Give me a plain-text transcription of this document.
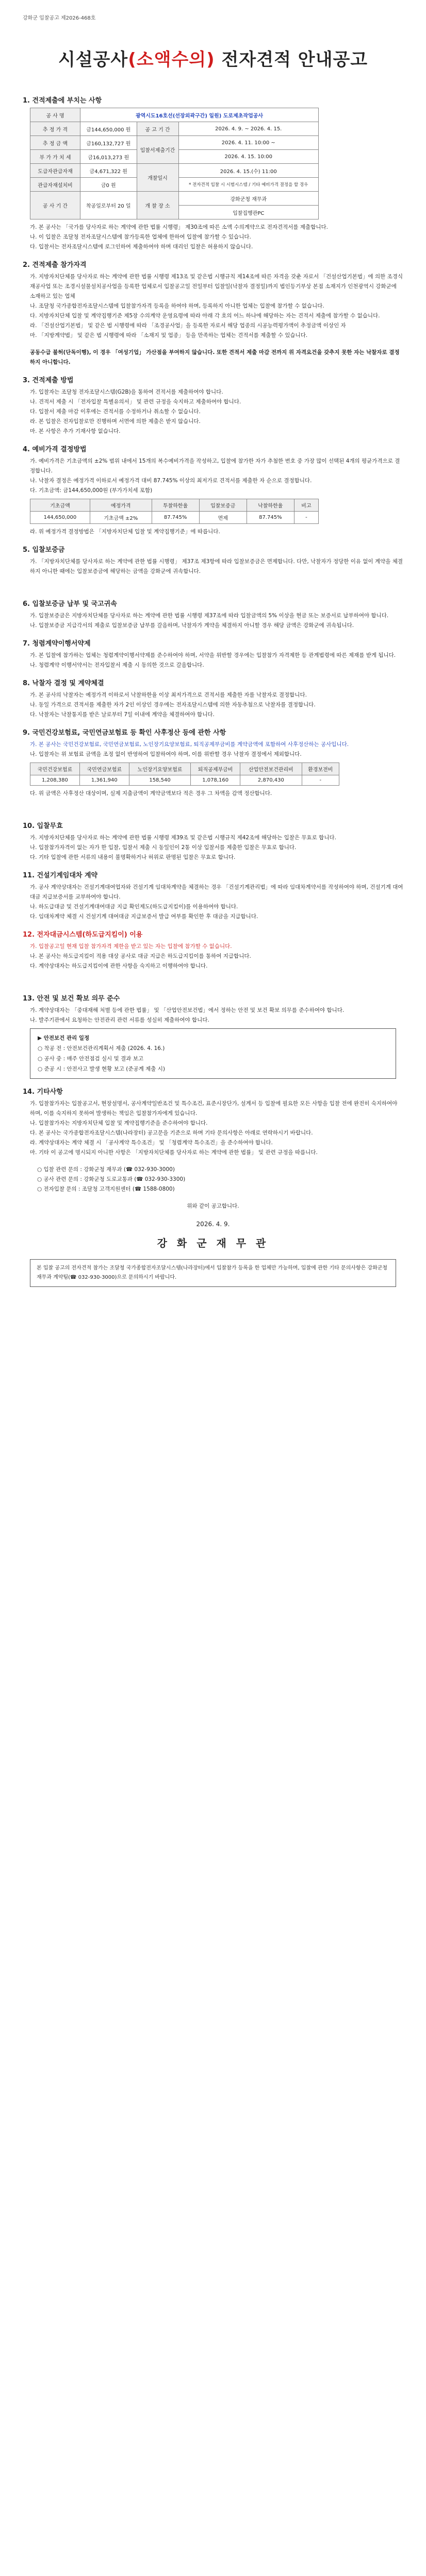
강화군 입찰공고 제2026-468호
시설공사(소액수의) 전자견적 안내공고
1. 견적제출에 부치는 사항
공 사 명	광역시도16호선(선장외곽구간) 일원) 도로제초작업공사		
추 정 가 격	금144,650,000 원	공 고 기 간	2026. 4. 9. ~ 2026. 4. 15.
추 정 금 액	금160,132,727 원	입찰서제출기간	2026. 4. 11. 10:00 ~
부 가 가 치 세	금16,013,273 원		2026. 4. 15. 10:00
도급자관급자재	금4,671,322 원	개찰일시	2026. 4. 15.(수) 11:00
관급자재설치비	금0 원		* 전자견적 입찰 시 시범시스템 / 기타 예비가격 결정을 할 경우
공 사 기 간	착공일로부터 20 일	개 찰 장 소	강화군청 재무과
			입찰집행관PC

가. 본 공사는 「국가를 당사자로 하는 계약에 관한 법률 시행령」 제30조에 따른 소액 수의계약으로 전자견적서를 제출합니다.

나. 이 입찰은 조달청 전자조달시스템에 참가등록한 업체에 한하여 입찰에 참가할 수 있습니다.

다. 입찰서는 전자조달시스템에 로그인하여 제출하여야 하며 대리인 입찰은 허용하지 않습니다.

2. 견적제출 참가자격

가. 지방자치단체를 당사자로 하는 계약에 관한 법률 시행령 제13조 및 같은법 시행규칙 제14조에 따른 자격을 갖춘 자로서 「건설산업기본법」에 의한 조경식재공사업 또는 조경시설물설치공사업을 등록한 업체로서 입찰공고일 전일부터 입찰일(낙찰자 결정일)까지 법인등기부상 본점 소재지가 인천광역시 강화군에 소재하고 있는 업체

나. 조달청 국가종합전자조달시스템에 입찰참가자격 등록을 하여야 하며, 등록하지 아니한 업체는 입찰에 참가할 수 없습니다.

다. 지방자치단체 입찰 및 계약집행기준 제5장 수의계약 운영요령에 따라 아래 각 호의 어느 하나에 해당하는 자는 견적서 제출에 참가할 수 없습니다.

라. 「건설산업기본법」 및 같은 법 시행령에 따라 「조경공사업」을 등록한 자로서 해당 업종의 시공능력평가액이 추정금액 이상인 자

마. 「지방계약법」 및 같은 법 시행령에 따라 「소재지 및 업종」 등을 만족하는 업체는 견적서를 제출할 수 있습니다.

공동수급 불허(단독이행), 이 경우 「여성기업」 가산점을 부여하지 않습니다. 또한 견적서 제출 마감 전까지 위 자격요건을 갖추지 못한 자는 낙찰자로 결정하지 아니합니다.

3. 견적제출 방법

가. 입찰자는 조달청 전자조달시스템(G2B)을 통하여 견적서를 제출하여야 합니다.

나. 견적서 제출 시 「전자입찰 특별유의서」 및 관련 규정을 숙지하고 제출하여야 합니다.

다. 입찰서 제출 마감 이후에는 견적서를 수정하거나 취소할 수 없습니다.

라. 본 입찰은 전자입찰로만 진행하며 서면에 의한 제출은 받지 않습니다.

마. 본 사항은 추가 기재사항 없습니다.

4. 예비가격 결정방법

가. 예비가격은 기초금액의 ±2% 범위 내에서 15개의 복수예비가격을 작성하고, 입찰에 참가한 자가 추첨한 번호 중 가장 많이 선택된 4개의 평균가격으로 결정합니다.

나. 낙찰자 결정은 예정가격 이하로서 예정가격 대비 87.745% 이상의 최저가로 견적서를 제출한 자 순으로 결정합니다.

다. 기초금액: 금144,650,000원 (부가가치세 포함)

기초금액	예정가격	투찰하한율	입찰보증금	낙찰하한율	비고
144,650,000	기초금액 ±2%	87.745%	면제	87.745%	-

라. 위 예정가격 결정방법은 「지방자치단체 입찰 및 계약집행기준」에 따릅니다.

5. 입찰보증금

가. 「지방자치단체를 당사자로 하는 계약에 관한 법률 시행령」 제37조 제3항에 따라 입찰보증금은 면제합니다. 다만, 낙찰자가 정당한 이유 없이 계약을 체결하지 아니한 때에는 입찰보증금에 해당하는 금액을 강화군에 귀속합니다.

6. 입찰보증금 납부 및 국고귀속

가. 입찰보증금은 지방자치단체를 당사자로 하는 계약에 관한 법률 시행령 제37조에 따라 입찰금액의 5% 이상을 현금 또는 보증서로 납부하여야 합니다.

나. 입찰보증금 지급각서의 제출로 입찰보증금 납부를 갈음하며, 낙찰자가 계약을 체결하지 아니할 경우 해당 금액은 강화군에 귀속됩니다.

7. 청렴계약이행서약제

가. 본 입찰에 참가하는 업체는 청렴계약이행서약제를 준수하여야 하며, 서약을 위반할 경우에는 입찰참가 자격제한 등 관계법령에 따른 제재를 받게 됩니다.

나. 청렴계약 이행서약서는 전자입찰서 제출 시 동의한 것으로 갈음합니다.

8. 낙찰자 결정 및 계약체결

가. 본 공사의 낙찰자는 예정가격 이하로서 낙찰하한율 이상 최저가격으로 견적서를 제출한 자를 낙찰자로 결정합니다.

나. 동일 가격으로 견적서를 제출한 자가 2인 이상인 경우에는 전자조달시스템에 의한 자동추첨으로 낙찰자를 결정합니다.

다. 낙찰자는 낙찰통지를 받은 날로부터 7일 이내에 계약을 체결하여야 합니다.

9. 국민건강보험료, 국민연금보험료 등 확인 사후정산 등에 관한 사항

가. 본 공사는 국민건강보험료, 국민연금보험료, 노인장기요양보험료, 퇴직공제부금비를 계약금액에 포함하여 사후정산하는 공사입니다.

나. 입찰자는 위 보험료 금액을 조정 없이 반영하여 입찰하여야 하며, 이를 위반할 경우 낙찰자 결정에서 제외합니다.

국민건강보험료	국민연금보험료	노인장기요양보험료	퇴직공제부금비	산업안전보건관리비	환경보전비
1,208,380	1,361,940	158,540	1,078,160	2,870,430	-

다. 위 금액은 사후정산 대상이며, 실제 지출금액이 계약금액보다 적은 경우 그 차액을 감액 정산합니다.

10. 입찰무효

가. 지방자치단체를 당사자로 하는 계약에 관한 법률 시행령 제39조 및 같은법 시행규칙 제42조에 해당하는 입찰은 무효로 합니다.

나. 입찰참가자격이 없는 자가 한 입찰, 입찰서 제출 시 동일인이 2통 이상 입찰서를 제출한 입찰은 무효로 합니다.

다. 기타 입찰에 관한 서류의 내용이 불명확하거나 허위로 판명된 입찰은 무효로 합니다.

11. 건설기계임대차 계약

가. 공사 계약상대자는 건설기계대여업자와 건설기계 임대차계약을 체결하는 경우 「건설기계관리법」에 따라 임대차계약서를 작성하여야 하며, 건설기계 대여대금 지급보증서를 교부하여야 합니다.

나. 하도급대금 및 건설기계대여대금 지급 확인제도(하도급지킴이)를 이용하여야 합니다.

다. 임대차계약 체결 시 건설기계 대여대금 지급보증서 발급 여부를 확인한 후 대금을 지급합니다.

12. 전자대금시스템(하도급지킴이) 이용

가. 입찰공고일 현재 입찰 참가자격 제한을 받고 있는 자는 입찰에 참가할 수 없습니다.

나. 본 공사는 하도급지킴이 적용 대상 공사로 대금 지급은 하도급지킴이를 통하여 지급합니다.

다. 계약상대자는 하도급지킴이에 관한 사항을 숙지하고 이행하여야 합니다.

13. 안전 및 보건 확보 의무 준수

가. 계약상대자는 「중대재해 처벌 등에 관한 법률」 및 「산업안전보건법」에서 정하는 안전 및 보건 확보 의무를 준수하여야 합니다.

나. 발주기관에서 요청하는 안전관리 관련 서류를 성실히 제출하여야 합니다.

▶ 안전보건 관리 일정
○ 착공 전 : 안전보건관리계획서 제출 (2026. 4. 16.)
○ 공사 중 : 매주 안전점검 실시 및 결과 보고
○ 준공 시 : 안전사고 발생 현황 보고 (준공계 제출 시)
14. 기타사항

가. 입찰참가자는 입찰공고서, 현장설명서, 공사계약일반조건 및 특수조건, 표준시장단가, 설계서 등 입찰에 필요한 모든 사항을 입찰 전에 완전히 숙지하여야 하며, 이를 숙지하지 못하여 발생하는 책임은 입찰참가자에게 있습니다.

나. 입찰참가자는 지방자치단체 입찰 및 계약집행기준을 준수하여야 합니다.

다. 본 공사는 국가종합전자조달시스템(나라장터) 공고문을 기준으로 하며 기타 문의사항은 아래로 연락하시기 바랍니다.

라. 계약상대자는 계약 체결 시 「공사계약 특수조건」 및 「청렴계약 특수조건」을 준수하여야 합니다.

마. 기타 이 공고에 명시되지 아니한 사항은 「지방자치단체를 당사자로 하는 계약에 관한 법률」 및 관련 규정을 따릅니다.

○ 입찰 관련 문의 : 강화군청 재무과 (☎ 032-930-3000)

○ 공사 관련 문의 : 강화군청 도로교통과 (☎ 032-930-3300)

○ 전자입찰 문의 : 조달청 고객지원센터 (☎ 1588-0800)

위와 같이 공고합니다.

2026. 4. 9.
강 화 군 재 무 관
본 입찰 공고의 전자견적 참가는 조달청 국가종합전자조달시스템(나라장터)에서 입찰참가 등록을 한 업체만 가능하며, 입찰에 관한 기타 문의사항은 강화군청 재무과 계약팀(☎ 032-930-3000)으로 문의하시기 바랍니다.
